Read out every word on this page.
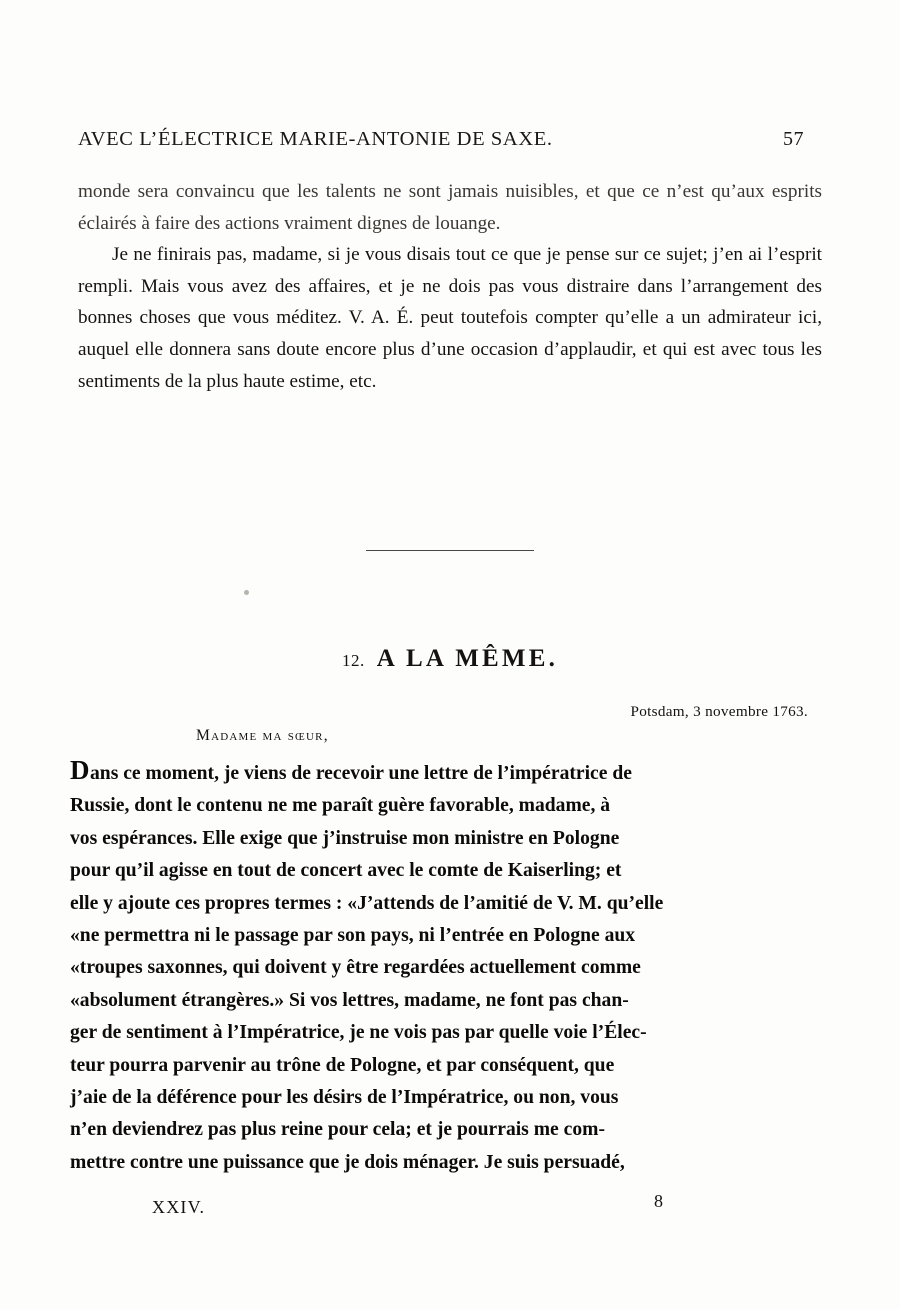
AVEC L’ÉLECTRICE MARIE-ANTONIE DE SAXE.	57

monde sera convaincu que les talents ne sont jamais nuisibles, et que ce n’est qu’aux esprits éclairés à faire des actions vraiment dignes de louange.

Je ne finirais pas, madame, si je vous disais tout ce que je pense sur ce sujet; j’en ai l’esprit rempli. Mais vous avez des affaires, et je ne dois pas vous distraire dans l’arrangement des bonnes choses que vous méditez. V. A. É. peut toutefois compter qu’elle a un admirateur ici, auquel elle donnera sans doute encore plus d’une occasion d’applaudir, et qui est avec tous les sentiments de la plus haute estime, etc.

12. A LA MÊME.
Potsdam, 3 novembre 1763.
Madame ma sœur,
Dans ce moment, je viens de recevoir une lettre de l’impératrice de
Russie, dont le contenu ne me paraît guère favorable, madame, à
vos espérances. Elle exige que j’instruise mon ministre en Pologne
pour qu’il agisse en tout de concert avec le comte de Kaiserling; et
elle y ajoute ces propres termes : «J’attends de l’amitié de V. M. qu’elle
«ne permettra ni le passage par son pays, ni l’entrée en Pologne aux
«troupes saxonnes, qui doivent y être regardées actuellement comme
«absolument étrangères.» Si vos lettres, madame, ne font pas chan-
ger de sentiment à l’Impératrice, je ne vois pas par quelle voie l’Élec-
teur pourra parvenir au trône de Pologne, et par conséquent, que
j’aie de la déférence pour les désirs de l’Impératrice, ou non, vous
n’en deviendrez pas plus reine pour cela; et je pourrais me com-
mettre contre une puissance que je dois ménager. Je suis persuadé,
XXIV.	8
